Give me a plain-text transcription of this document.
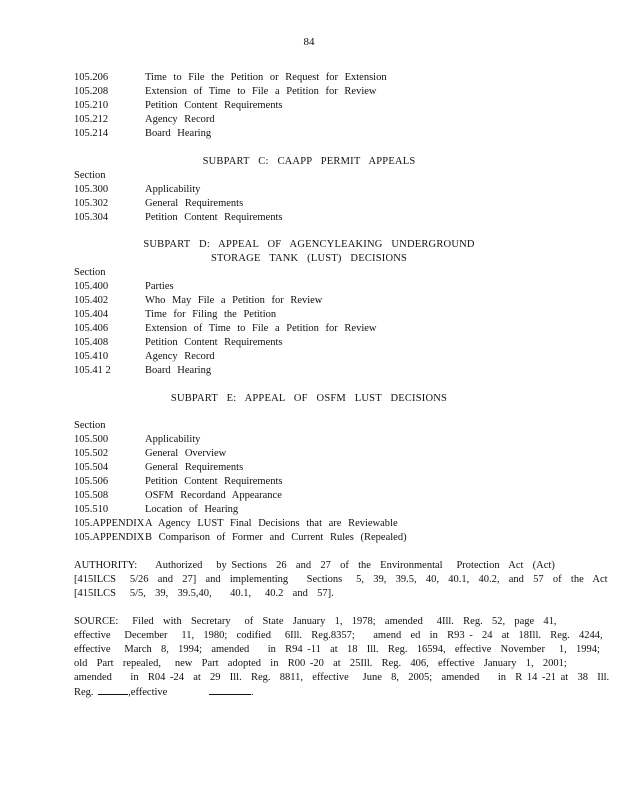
84
105.206	Time to File the Petition or Request for Extension
105.208	Extension of Time to File a Petition for Review
105.210	Petition Content Requirements
105.212	Agency Record
105.214	Board Hearing
SUBPART C: CAAPP PERMIT APPEALS
Section
105.300	Applicability
105.302	General Requirements
105.304	Petition Content Requirements
SUBPART D: APPEAL OF AGENCYLEAKING UNDERGROUND
STORAGE TANK (LUST) DECISIONS
Section
105.400	Parties
105.402	Who May File a Petition for Review
105.404	Time for Filing the Petition
105.406	Extension of Time to File a Petition for Review
105.408	Petition Content Requirements
105.410	Agency Record
105.41 2	Board Hearing
SUBPART E: APPEAL OF OSFM LUST DECISIONS
Section
105.500	Applicability
105.502	General Overview
105.504	General Requirements
105.506	Petition Content Requirements
105.508	OSFM Recordand Appearance
105.510	Location of Hearing
105.APPENDIX A Agency LUST Final Decisions that are Reviewable
105.APPENDIX B Comparison of Former and Current Rules (Repealed)
AUTHORITY:    Authorized   by Sections  26  and  27  of  the  Environmental   Protection  Act  (Act)
[415ILCS   5/26  and  27]  and  implementing    Sections   5,  39,  39.5,  40,  40.1,  40.2,  and  57  of  the  Act
[415ILCS   5/5,  39,  39.5,40,    40.1,   40.2  and  57].
SOURCE:   Filed  with  Secretary   of  State  January  1,  1978;  amended   4Ill.  Reg.  52,  page  41,
effective   December   11,  1980;  codified   6Ill.  Reg.8357;    amend  ed  in  R93 -  24  at  18Ill.  Reg.  4244,
effective   March  8,  1994;  amended    in  R94 -11  at  18  Ill.  Reg.  16594,  effective  November   1,  1994;
old  Part  repealed,   new  Part  adopted  in  R00 -20  at  25Ill.  Reg.  406,  effective  January  1,  2001;
amended    in  R04 -24  at  29  Ill.  Reg.  8811,  effective   June  8,  2005;  amended    in  R 14 -21 at  38  Ill.
Reg.	,effective	.
